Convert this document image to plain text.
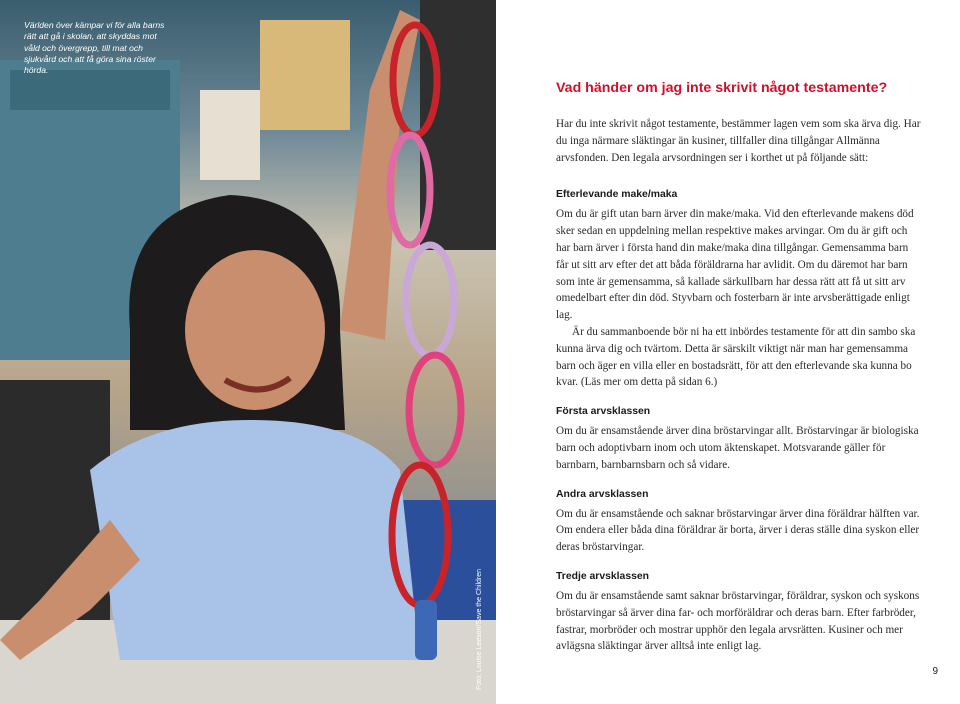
Världen över kämpar vi för alla barns rätt att gå i skolan, att skyddas mot våld och övergrepp, till mat och sjukvård och att få göra sina röster hörda.
Foto: Louise Leeson/Save the Children
Vad händer om jag inte skrivit något testamente?

Har du inte skrivit något testamente, bestämmer lagen vem som ska ärva dig. Har du inga närmare släktingar än kusiner, tillfaller dina tillgångar Allmänna arvsfonden. Den legala arvsordningen ser i korthet ut på följande sätt:

Efterlevande make/maka

Om du är gift utan barn ärver din make/maka. Vid den efterlevande makens död sker sedan en uppdelning mellan respektive makes arvingar. Om du är gift och har barn ärver i första hand din make/maka dina tillgångar. Gemensamma barn får ut sitt arv efter det att båda föräldrarna har avlidit. Om du däremot har barn som inte är gemensamma, så kallade särkullbarn har dessa rätt att få ut sitt arv omedelbart efter din död. Styvbarn och fosterbarn är inte arvsberättigade enligt lag.

Är du sammanboende bör ni ha ett inbördes testamente för att din sambo ska kunna ärva dig och tvärtom. Detta är särskilt viktigt när man har gemensamma barn och äger en villa eller en bostadsrätt, för att den efterlevande ska kunna bo kvar. (Läs mer om detta på sidan 6.)

Första arvsklassen

Om du är ensamstående ärver dina bröstarvingar allt. Bröstarvingar är biologiska barn och adoptivbarn inom och utom äktenskapet. Motsvarande gäller för barnbarn, barnbarnsbarn och så vidare.

Andra arvsklassen

Om du är ensamstående och saknar bröstarvingar ärver dina föräldrar hälften var. Om endera eller båda dina föräldrar är borta, ärver i deras ställe dina syskon eller deras bröstarvingar.

Tredje arvsklassen

Om du är ensamstående samt saknar bröstarvingar, föräldrar, syskon och syskons bröstarvingar så ärver dina far- och morföräldrar och deras barn. Efter farbröder, fastrar, morbröder och mostrar upphör den legala arvsrätten. Kusiner och mer avlägsna släktingar ärver alltså inte enligt lag.

9
